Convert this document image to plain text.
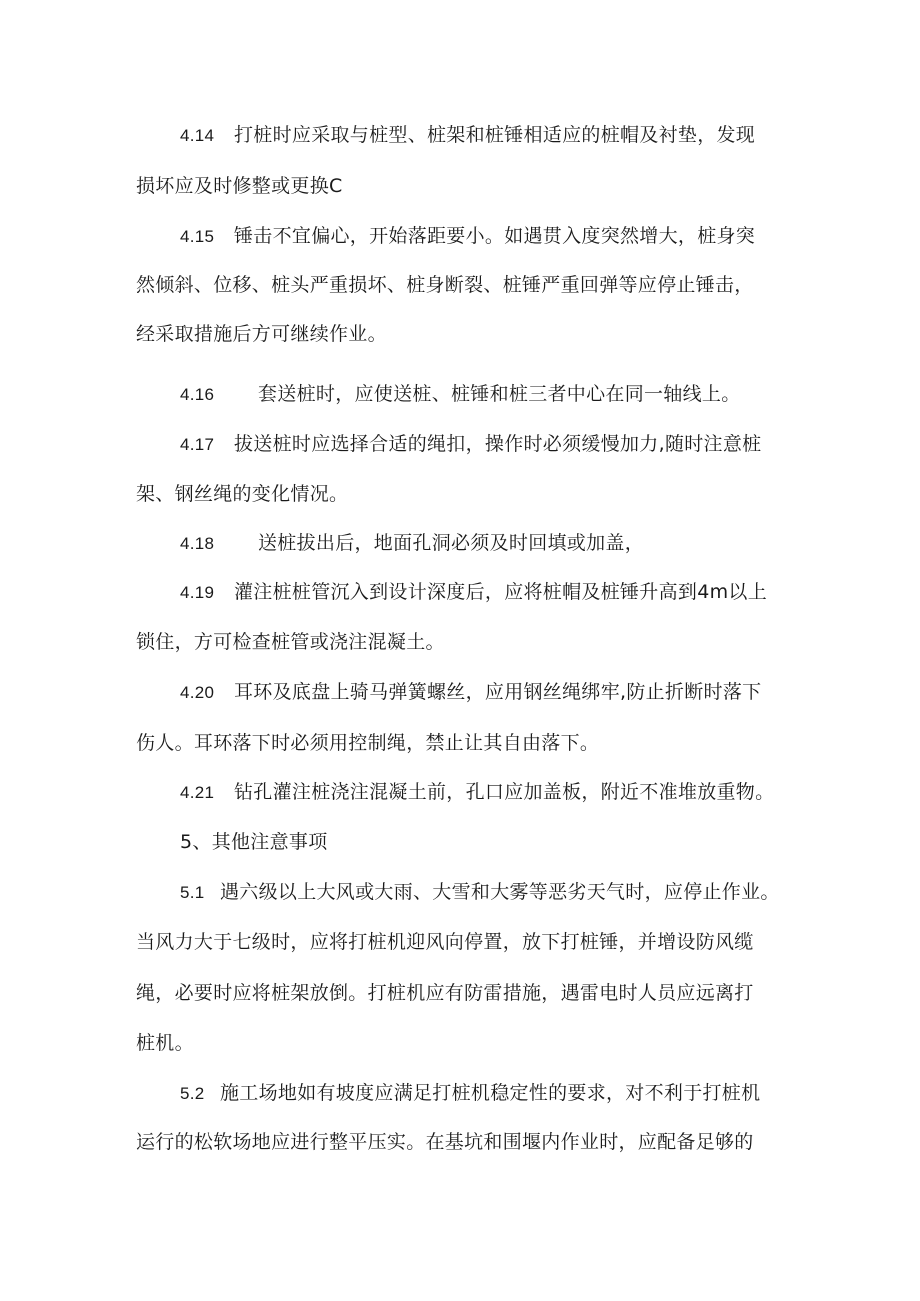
4.14 打桩时应采取与桩型、桩架和桩锤相适应的桩帽及衬垫，发现
损坏应及时修整或更换C
4.15 锤击不宜偏心，开始落距要小。如遇贯入度突然增大，桩身突
然倾斜、位移、桩头严重损坏、桩身断裂、桩锤严重回弹等应停止锤击，
经采取措施后方可继续作业。
4.16 套送桩时，应使送桩、桩锤和桩三者中心在同一轴线上。
4.17 拔送桩时应选择合适的绳扣，操作时必须缓慢加力,随时注意桩
架、钢丝绳的变化情况。
4.18 送桩拔出后，地面孔洞必须及时回填或加盖，
4.19 灌注桩桩管沉入到设计深度后，应将桩帽及桩锤升高到4m以上
锁住，方可检查桩管或浇注混凝土。
4.20 耳环及底盘上骑马弹簧螺丝，应用钢丝绳绑牢,防止折断时落下
伤人。耳环落下时必须用控制绳，禁止让其自由落下。
4.21 钻孔灌注桩浇注混凝土前，孔口应加盖板，附近不准堆放重物。
5、其他注意事项
5.1 遇六级以上大风或大雨、大雪和大雾等恶劣天气时，应停止作业。
当风力大于七级时，应将打桩机迎风向停置，放下打桩锤，并增设防风缆
绳，必要时应将桩架放倒。打桩机应有防雷措施，遇雷电时人员应远离打
桩机。
5.2 施工场地如有坡度应满足打桩机稳定性的要求，对不利于打桩机
运行的松软场地应进行整平压实。在基坑和围堰内作业时，应配备足够的
